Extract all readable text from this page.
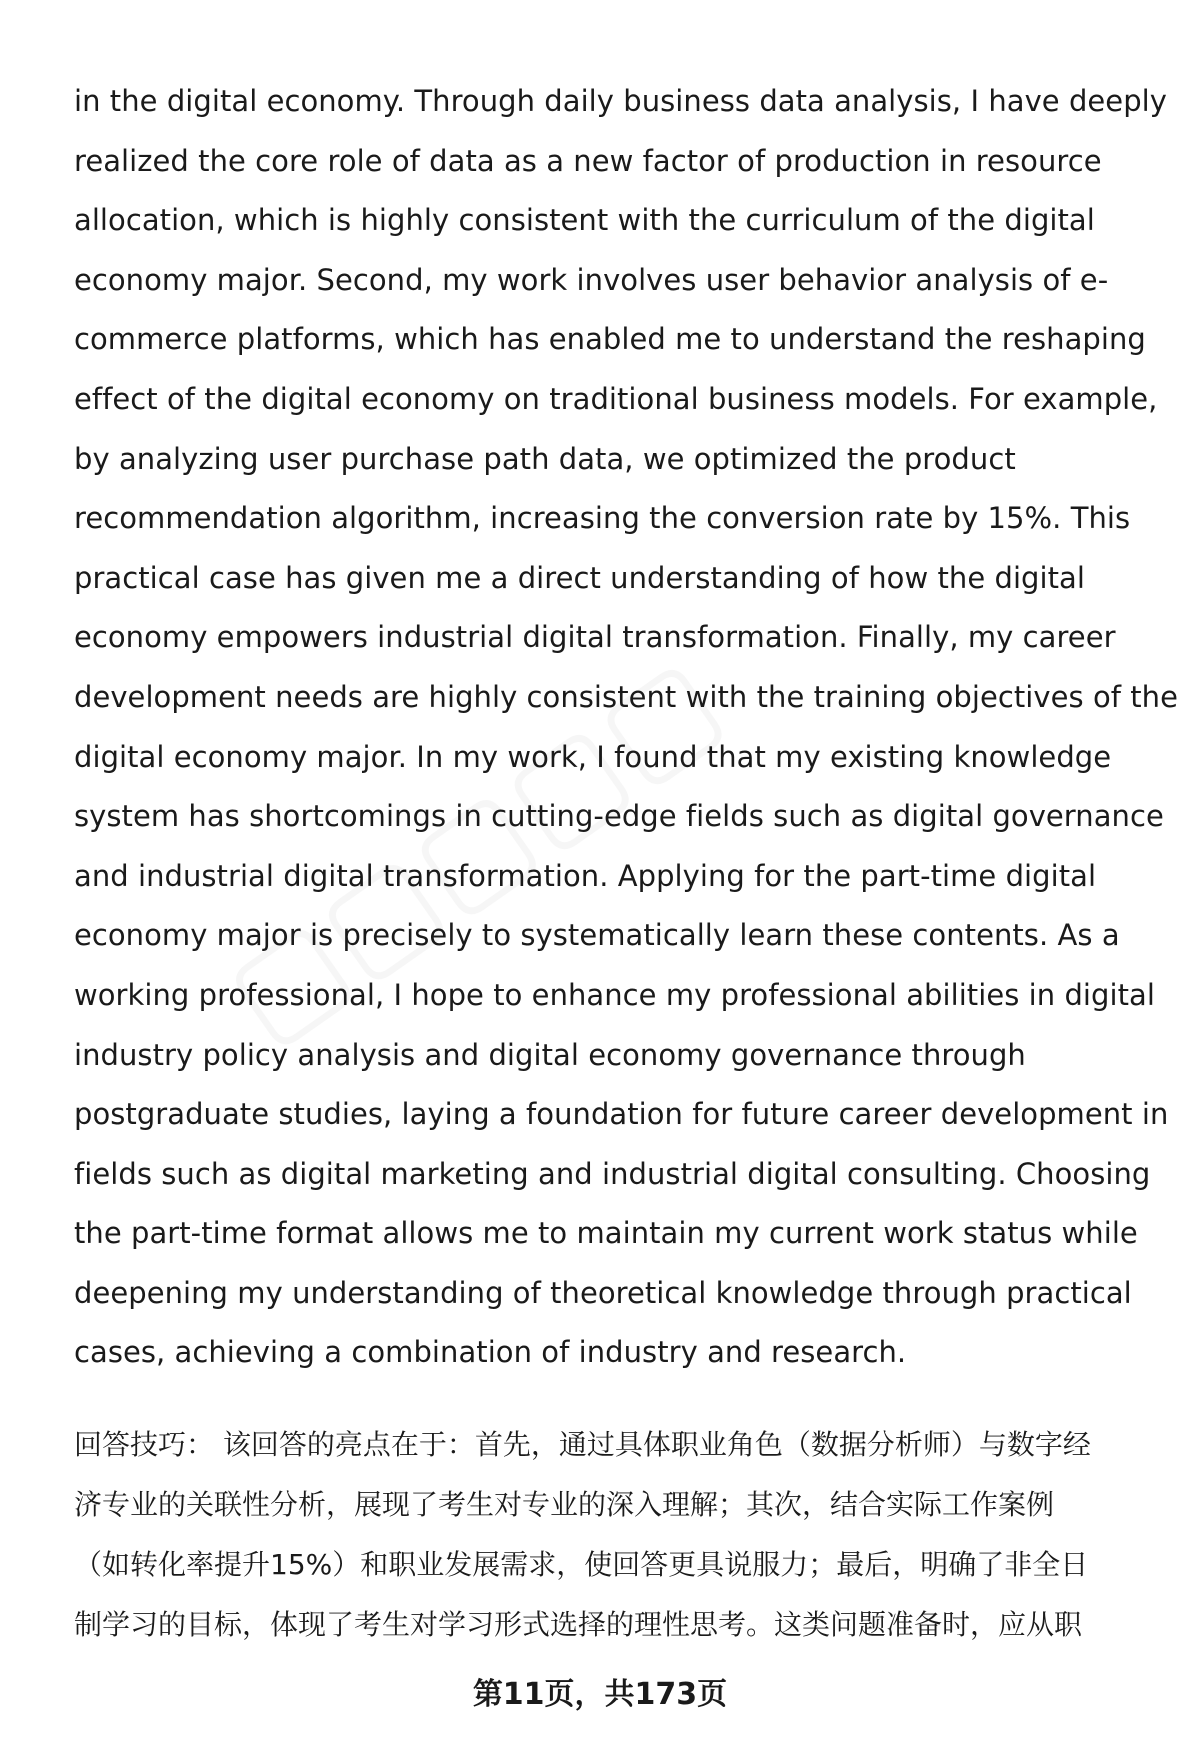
in the digital economy. Through daily business data analysis, I have deeply
realized the core role of data as a new factor of production in resource
allocation, which is highly consistent with the curriculum of the digital
economy major. Second, my work involves user behavior analysis of e-
commerce platforms, which has enabled me to understand the reshaping
effect of the digital economy on traditional business models. For example,
by analyzing user purchase path data, we optimized the product
recommendation algorithm, increasing the conversion rate by 15%. This
practical case has given me a direct understanding of how the digital
economy empowers industrial digital transformation. Finally, my career
development needs are highly consistent with the training objectives of the
digital economy major. In my work, I found that my existing knowledge
system has shortcomings in cutting-edge fields such as digital governance
and industrial digital transformation. Applying for the part-time digital
economy major is precisely to systematically learn these contents. As a
working professional, I hope to enhance my professional abilities in digital
industry policy analysis and digital economy governance through
postgraduate studies, laying a foundation for future career development in
fields such as digital marketing and industrial digital consulting. Choosing
the part-time format allows me to maintain my current work status while
deepening my understanding of theoretical knowledge through practical
cases, achieving a combination of industry and research.
回答技巧： 该回答的亮点在于：首先，通过具体职业角色（数据分析师）与数字经
济专业的关联性分析，展现了考生对专业的深入理解；其次，结合实际工作案例
（如转化率提升15%）和职业发展需求，使回答更具说服力；最后，明确了非全日
制学习的目标，体现了考生对学习形式选择的理性思考。这类问题准备时，应从职
第11页，共173页
